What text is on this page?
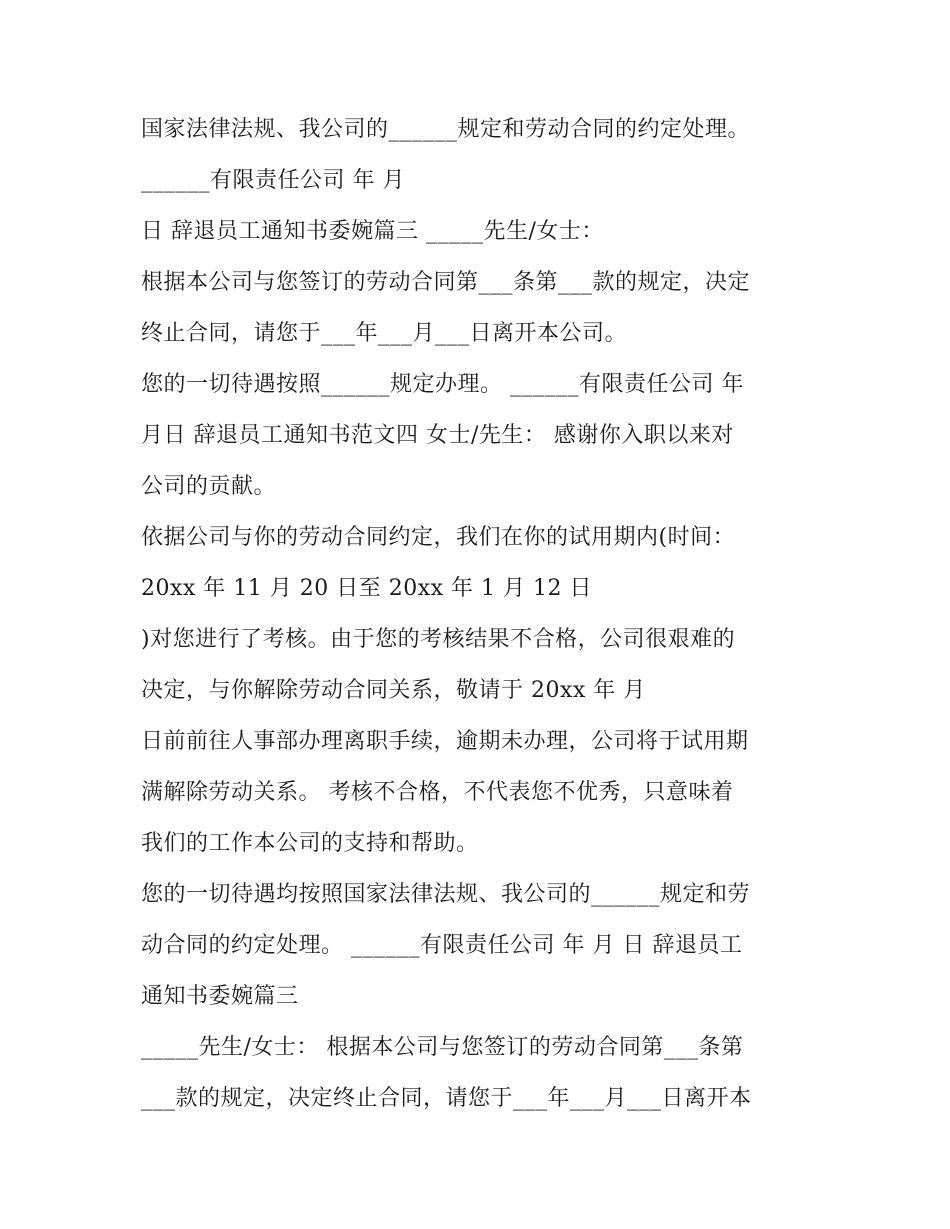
国家法律法规、我公司的______规定和劳动合同的约定处理。
______有限责任公司 年 月
日 辞退员工通知书委婉篇三 _____先生/女士：
根据本公司与您签订的劳动合同第___条第___款的规定，决定
终止合同，请您于___年___月___日离开本公司。
您的一切待遇按照______规定办理。 ______有限责任公司 年
月日 辞退员工通知书范文四 女士/先生： 感谢你入职以来对
公司的贡献。
依据公司与你的劳动合同约定，我们在你的试用期内(时间：
20xx 年 11 月 20 日至 20xx 年 1 月 12 日
)对您进行了考核。由于您的考核结果不合格，公司很艰难的
决定，与你解除劳动合同关系，敬请于 20xx 年 月
日前前往人事部办理离职手续，逾期未办理，公司将于试用期
满解除劳动关系。 考核不合格，不代表您不优秀，只意味着
我们的工作本公司的支持和帮助。
您的一切待遇均按照国家法律法规、我公司的______规定和劳
动合同的约定处理。 ______有限责任公司 年 月 日 辞退员工
通知书委婉篇三
_____先生/女士： 根据本公司与您签订的劳动合同第___条第
___款的规定，决定终止合同，请您于___年___月___日离开本
